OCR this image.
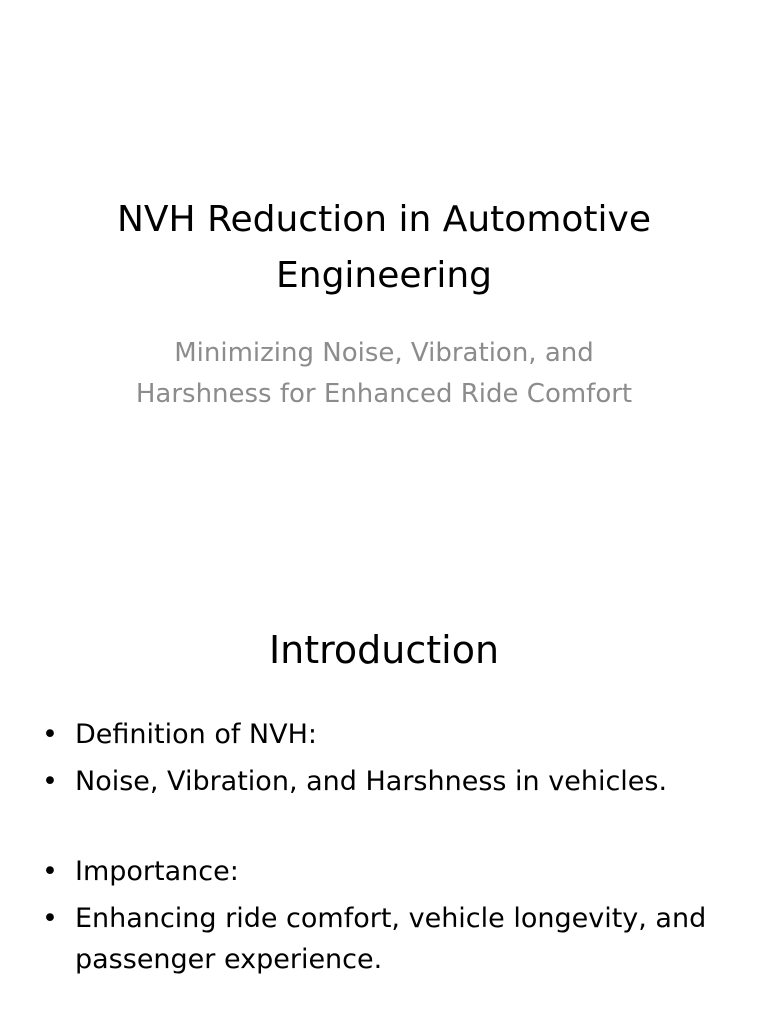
NVH Reduction in Automotive Engineering

Minimizing Noise, Vibration, and Harshness for Enhanced Ride Comfort

Introduction
• Definition of NVH:
• Noise, Vibration, and Harshness in vehicles.
• Importance:
• Enhancing ride comfort, vehicle longevity, and passenger experience.
